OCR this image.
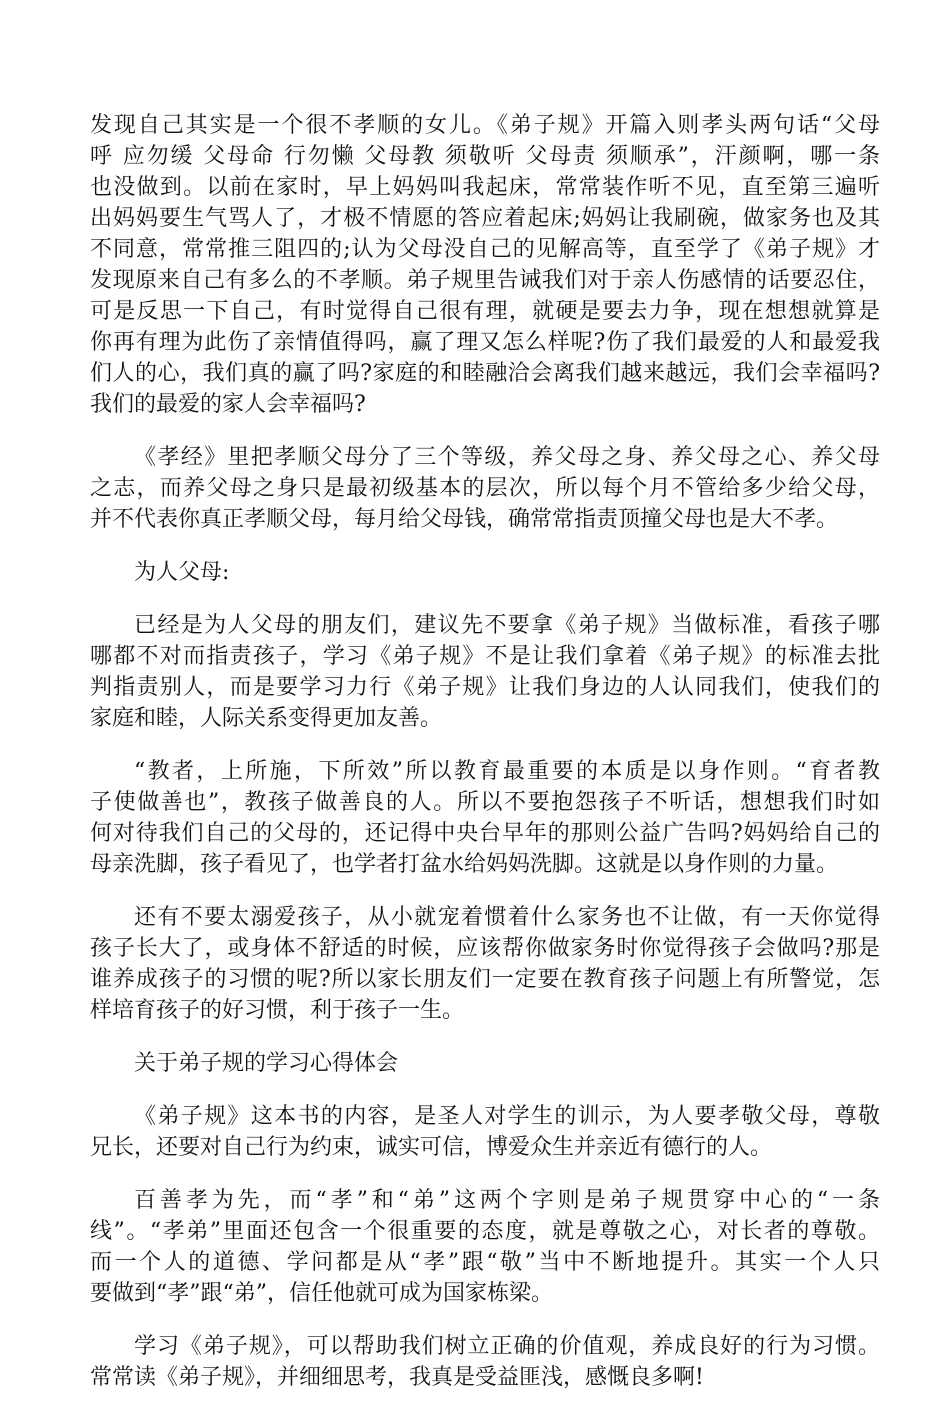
发现自己其实是一个很不孝顺的女儿。《弟子规》开篇入则孝头两句话“父母
呼 应勿缓 父母命 行勿懒 父母教 须敬听 父母责 须顺承”，汗颜啊，哪一条
也没做到。以前在家时，早上妈妈叫我起床，常常装作听不见，直至第三遍听
出妈妈要生气骂人了，才极不情愿的答应着起床;妈妈让我刷碗，做家务也及其
不同意，常常推三阻四的;认为父母没自己的见解高等，直至学了《弟子规》才
发现原来自己有多么的不孝顺。弟子规里告诫我们对于亲人伤感情的话要忍住，
可是反思一下自己，有时觉得自己很有理，就硬是要去力争，现在想想就算是
你再有理为此伤了亲情值得吗，赢了理又怎么样呢?伤了我们最爱的人和最爱我
们人的心，我们真的赢了吗?家庭的和睦融洽会离我们越来越远，我们会幸福吗?
我们的最爱的家人会幸福吗?
《孝经》里把孝顺父母分了三个等级，养父母之身、养父母之心、养父母
之志，而养父母之身只是最初级基本的层次，所以每个月不管给多少给父母，
并不代表你真正孝顺父母，每月给父母钱，确常常指责顶撞父母也是大不孝。
为人父母:
已经是为人父母的朋友们，建议先不要拿《弟子规》当做标准，看孩子哪
哪都不对而指责孩子，学习《弟子规》不是让我们拿着《弟子规》的标准去批
判指责别人，而是要学习力行《弟子规》让我们身边的人认同我们，使我们的
家庭和睦，人际关系变得更加友善。
“教者，上所施，下所效”所以教育最重要的本质是以身作则。“育者教
子使做善也”，教孩子做善良的人。所以不要抱怨孩子不听话，想想我们时如
何对待我们自己的父母的，还记得中央台早年的那则公益广告吗?妈妈给自己的
母亲洗脚，孩子看见了，也学者打盆水给妈妈洗脚。这就是以身作则的力量。
还有不要太溺爱孩子，从小就宠着惯着什么家务也不让做，有一天你觉得
孩子长大了，或身体不舒适的时候，应该帮你做家务时你觉得孩子会做吗?那是
谁养成孩子的习惯的呢?所以家长朋友们一定要在教育孩子问题上有所警觉，怎
样培育孩子的好习惯，利于孩子一生。
关于弟子规的学习心得体会
《弟子规》这本书的内容，是圣人对学生的训示，为人要孝敬父母，尊敬
兄长，还要对自己行为约束，诚实可信，博爱众生并亲近有德行的人。
百善孝为先，而“孝”和“弟”这两个字则是弟子规贯穿中心的“一条
线”。“孝弟”里面还包含一个很重要的态度，就是尊敬之心，对长者的尊敬。
而一个人的道德、学问都是从“孝”跟“敬”当中不断地提升。其实一个人只
要做到“孝”跟“弟”，信任他就可成为国家栋梁。
学习《弟子规》，可以帮助我们树立正确的价值观，养成良好的行为习惯。
常常读《弟子规》，并细细思考，我真是受益匪浅，感慨良多啊!
